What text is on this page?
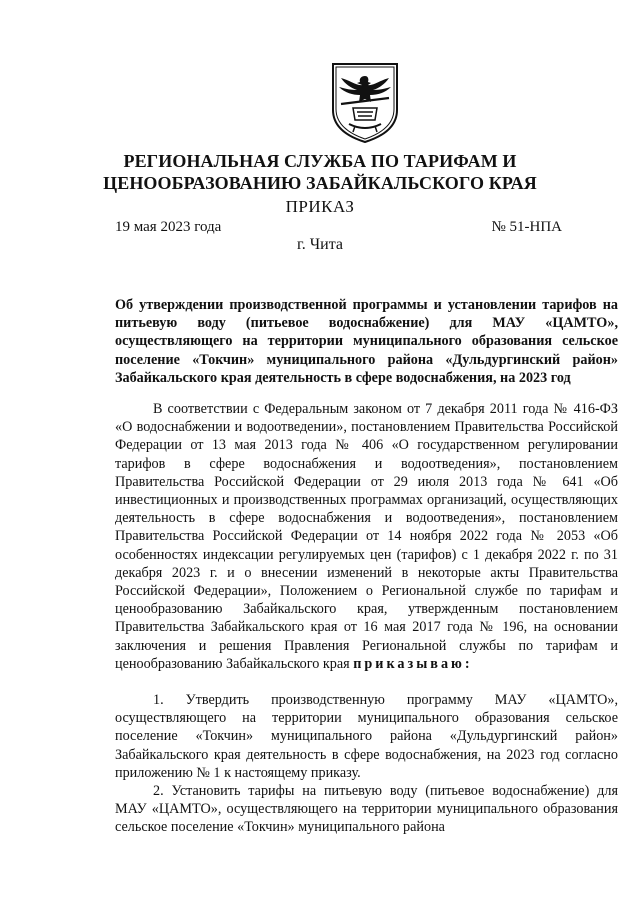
РЕГИОНАЛЬНАЯ СЛУЖБА ПО ТАРИФАМ И
ЦЕНООБРАЗОВАНИЮ ЗАБАЙКАЛЬСКОГО КРАЯ
ПРИКАЗ
19 мая 2023 года	№ 51-НПА
г. Чита
Об утверждении производственной программы и установлении тарифов на питьевую воду (питьевое водоснабжение) для МАУ «ЦАМТО», осуществляющего на территории муниципального образования сельское поселение «Токчин» муниципального района «Дульдургинский район» Забайкальского края деятельность в сфере водоснабжения, на 2023 год

В соответствии с Федеральным законом от 7 декабря 2011 года № 416-ФЗ «О водоснабжении и водоотведении», постановлением Правительства Российской Федерации от 13 мая 2013 года № 406 «О государственном регулировании тарифов в сфере водоснабжения и водоотведения», постановлением Правительства Российской Федерации от 29 июля 2013 года № 641 «Об инвестиционных и производственных программах организаций, осуществляющих деятельность в сфере водоснабжения и водоотведения», постановлением Правительства Российской Федерации от 14 ноября 2022 года № 2053 «Об особенностях индексации регулируемых цен (тарифов) с 1 декабря 2022 г. по 31 декабря 2023 г. и о внесении изменений в некоторые акты Правительства Российской Федерации», Положением о Региональной службе по тарифам и ценообразованию Забайкальского края, утвержденным постановлением Правительства Забайкальского края от 16 мая 2017 года № 196, на основании заключения и решения Правления Региональной службы по тарифам и ценообразованию Забайкальского края приказываю:

1. Утвердить производственную программу МАУ «ЦАМТО», осуществляющего на территории муниципального образования сельское поселение «Токчин» муниципального района «Дульдургинский район» Забайкальского края деятельность в сфере водоснабжения, на 2023 год согласно приложению № 1 к настоящему приказу.

2. Установить тарифы на питьевую воду (питьевое водоснабжение) для МАУ «ЦАМТО», осуществляющего на территории муниципального образования сельское поселение «Токчин» муниципального района
